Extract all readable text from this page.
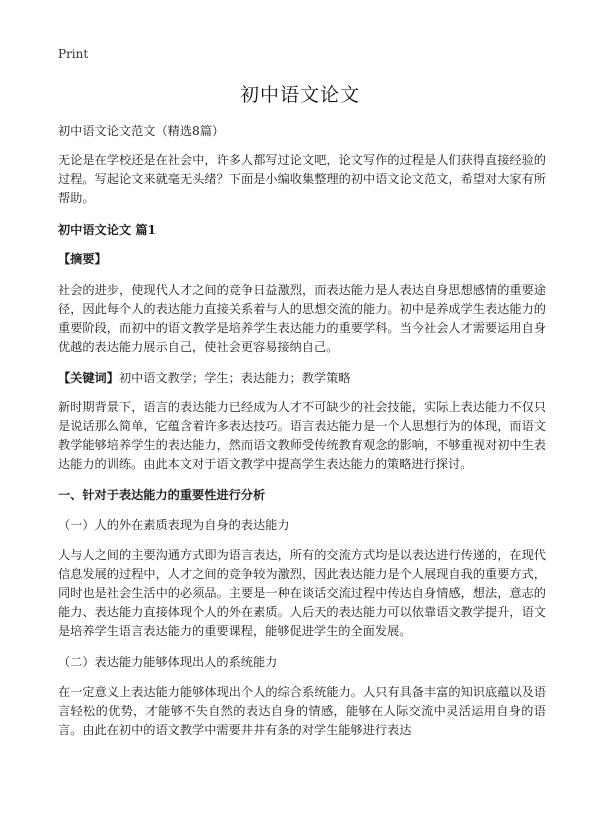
Print
初中语文论文

初中语文论文范文（精选8篇）

无论是在学校还是在社会中，许多人都写过论文吧，论文写作的过程是人们获得直接经验的过程。写起论文来就毫无头绪？下面是小编收集整理的初中语文论文范文，希望对大家有所帮助。

初中语文论文 篇1

【摘要】

社会的进步，使现代人才之间的竞争日益激烈，而表达能力是人表达自身思想感情的重要途径，因此每个人的表达能力直接关系着与人的思想交流的能力。初中是养成学生表达能力的重要阶段，而初中的语文教学是培养学生表达能力的重要学科。当今社会人才需要运用自身优越的表达能力展示自己，使社会更容易接纳自己。

【关键词】初中语文教学；学生；表达能力；教学策略

新时期背景下，语言的表达能力已经成为人才不可缺少的社会技能，实际上表达能力不仅只是说话那么简单，它蕴含着许多表达技巧。语言表达能力是一个人思想行为的体现，而语文教学能够培养学生的表达能力，然而语文教师受传统教育观念的影响，不够重视对初中生表达能力的训练。由此本文对于语文教学中提高学生表达能力的策略进行探讨。

一、针对于表达能力的重要性进行分析

（一）人的外在素质表现为自身的表达能力

人与人之间的主要沟通方式即为语言表达，所有的交流方式均是以表达进行传递的，在现代信息发展的过程中，人才之间的竞争较为激烈，因此表达能力是个人展现自我的重要方式，同时也是社会生活中的必须品。主要是一种在谈话交流过程中传达自身情感，想法，意志的能力、表达能力直接体现个人的外在素质。人后天的表达能力可以依靠语文教学提升，语文是培养学生语言表达能力的重要课程，能够促进学生的全面发展。

（二）表达能力能够体现出人的系统能力

在一定意义上表达能力能够体现出个人的综合系统能力。人只有具备丰富的知识底蕴以及语言轻松的优势，才能够不失自然的表达自身的情感，能够在人际交流中灵活运用自身的语言。由此在初中的语文教学中需要井井有条的对学生能够进行表达
